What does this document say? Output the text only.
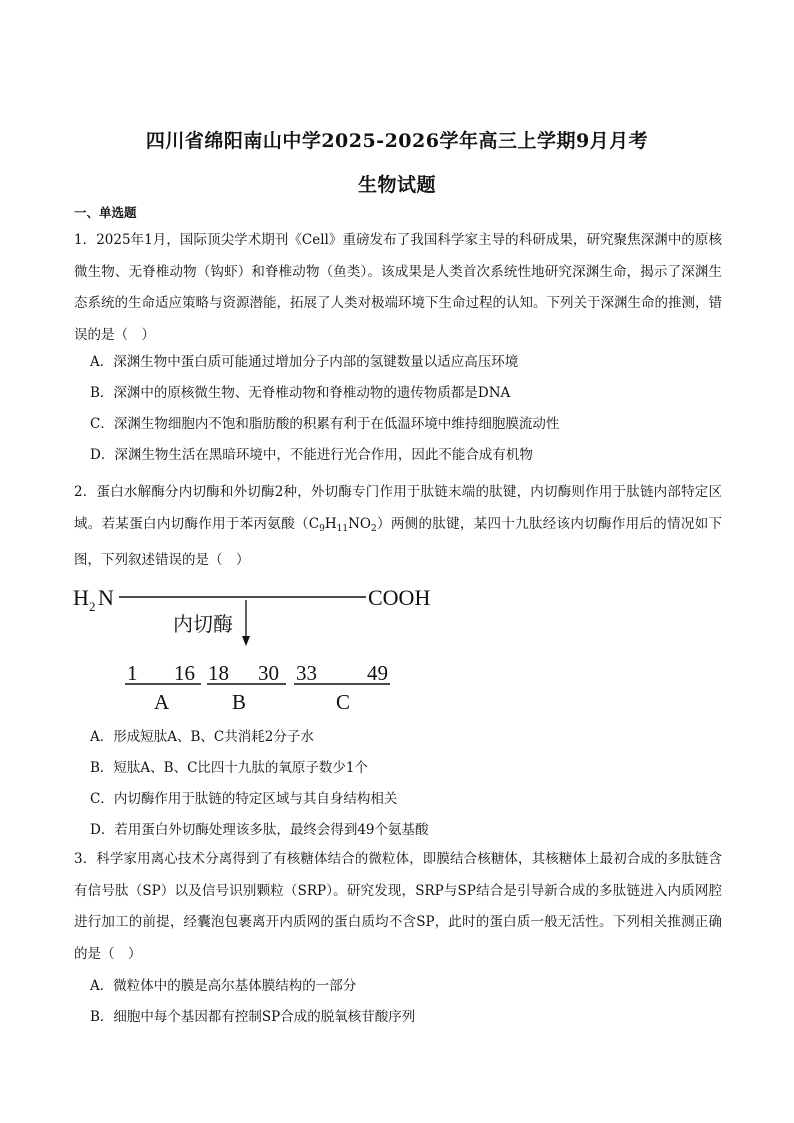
四川省绵阳南山中学2025-2026学年高三上学期9月月考
生物试题
一、单选题
1．2025年1月，国际顶尖学术期刊《Cell》重磅发布了我国科学家主导的科研成果，研究聚焦深渊中的原核微生物、无脊椎动物（钩虾）和脊椎动物（鱼类）。该成果是人类首次系统性地研究深渊生命，揭示了深渊生态系统的生命适应策略与资源潜能，拓展了人类对极端环境下生命过程的认知。下列关于深渊生命的推测，错误的是（　）
A．深渊生物中蛋白质可能通过增加分子内部的氢键数量以适应高压环境
B．深渊中的原核微生物、无脊椎动物和脊椎动物的遗传物质都是DNA
C．深渊生物细胞内不饱和脂肪酸的积累有利于在低温环境中维持细胞膜流动性
D．深渊生物生活在黑暗环境中，不能进行光合作用，因此不能合成有机物
2．蛋白水解酶分内切酶和外切酶2种，外切酶专门作用于肽链末端的肽键，内切酶则作用于肽链内部特定区域。若某蛋白内切酶作用于苯丙氨酸$(C_9H_{11}NO_2)$两侧的肽键，某四十九肽经该内切酶作用后的情况如下图，下列叙述错误的是（　）
H 2 N	COOH
内切酶
1 16
A
18 30
B
33 49
C
A．形成短肽A、B、C共消耗2分子水
B．短肽A、B、C比四十九肽的氧原子数少1个
C．内切酶作用于肽链的特定区域与其自身结构相关
D．若用蛋白外切酶处理该多肽，最终会得到49个氨基酸
3．科学家用离心技术分离得到了有核糖体结合的微粒体，即膜结合核糖体，其核糖体上最初合成的多肽链含有信号肽（SP）以及信号识别颗粒（SRP）。研究发现，SRP与SP结合是引导新合成的多肽链进入内质网腔进行加工的前提，经囊泡包裹离开内质网的蛋白质均不含SP，此时的蛋白质一般无活性。下列相关推测正确的是（　）
A．微粒体中的膜是高尔基体膜结构的一部分
B．细胞中每个基因都有控制SP合成的脱氧核苷酸序列
